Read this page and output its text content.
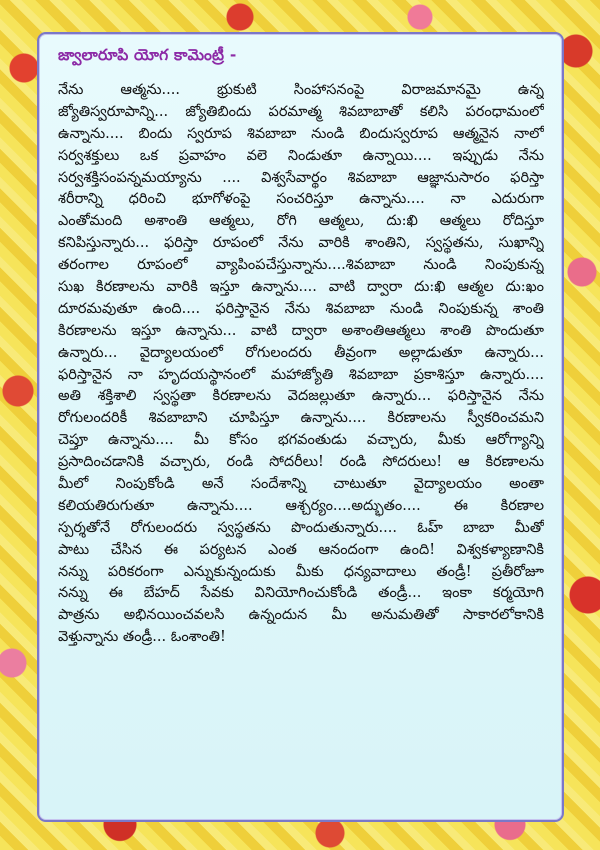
జ్వాలారూపి యోగ కామెంట్రీ -
నేను ఆత్మను.... భ్రుకుటి సింహాసనంపై విరాజమానమై ఉన్న
జ్యోతిస్వరూపాన్ని... జ్యోతిబిందు పరమాత్మ శివబాబాతో కలిసి పరంధామంలో
ఉన్నాను.... బిందు స్వరూప శివబాబా నుండి బిందుస్వరూప ఆత్మనైన నాలో
సర్వశక్తులు ఒక ప్రవాహం వలె నిండుతూ ఉన్నాయి.... ఇప్పుడు నేను
సర్వశక్తిసంపన్నమయ్యాను .... విశ్వసేవార్థం శివబాబా ఆజ్ఞానుసారం ఫరిస్తా
శరీరాన్ని ధరించి భూగోళంపై సంచరిస్తూ ఉన్నాను.... నా ఎదురుగా
ఎంతోమంది అశాంతి ఆత్మలు, రోగి ఆత్మలు, దు:ఖి ఆత్మలు రోదిస్తూ
కనిపిస్తున్నారు... ఫరిస్తా రూపంలో నేను వారికి శాంతిని, స్వస్థతను, సుఖాన్ని
తరంగాల రూపంలో వ్యాపింపచేస్తున్నాను....శివబాబా నుండి నింపుకున్న
సుఖ కిరణాలను వారికి ఇస్తూ ఉన్నాను.... వాటి ద్వారా దు:ఖి ఆత్మల దు:ఖం
దూరమవుతూ ఉంది.... ఫరిస్తానైన నేను శివబాబా నుండి నింపుకున్న శాంతి
కిరణాలను ఇస్తూ ఉన్నాను... వాటి ద్వారా అశాంతిఆత్మలు శాంతి పొందుతూ
ఉన్నారు... వైద్యాలయంలో రోగులందరు తీవ్రంగా అల్లాడుతూ ఉన్నారు...
ఫరిస్తానైన నా హృదయస్థానంలో మహాజ్యోతి శివబాబా ప్రకాశిస్తూ ఉన్నారు....
అతి శక్తిశాలి స్వస్థతా కిరణాలను వెదజల్లుతూ ఉన్నారు... ఫరిస్తానైన నేను
రోగులందరికీ శివబాబాని చూపిస్తూ ఉన్నాను.... కిరణాలను స్వీకరించమని
చెప్తూ ఉన్నాను.... మీ కోసం భగవంతుడు వచ్చారు, మీకు ఆరోగ్యాన్ని
ప్రసాదించడానికి వచ్చారు, రండి సోదరీలు! రండి సోదరులు! ఆ కిరణాలను
మీలో నింపుకోండి అనే సందేశాన్ని చాటుతూ వైద్యాలయం అంతా
కలియతిరుగుతూ ఉన్నాను.... ఆశ్చర్యం....అద్భుతం.... ఈ కిరణాల
స్పర్శతోనే రోగులందరు స్వస్థతను పొందుతున్నారు.... ఓహ్ బాబా మీతో
పాటు చేసిన ఈ పర్యటన ఎంత ఆనందంగా ఉంది! విశ్వకళ్యాణానికి
నన్ను పరికరంగా ఎన్నుకున్నందుకు మీకు ధన్యవాదాలు తండ్రీ! ప్రతీరోజూ
నన్ను ఈ బేహద్ సేవకు వినియోగించుకోండి తండ్రీ... ఇంకా కర్మయోగి
పాత్రను అభినయించవలసి ఉన్నందున మీ అనుమతితో సాకారలోకానికి
వెళ్తున్నాను తండ్రీ... ఓంశాంతి!
